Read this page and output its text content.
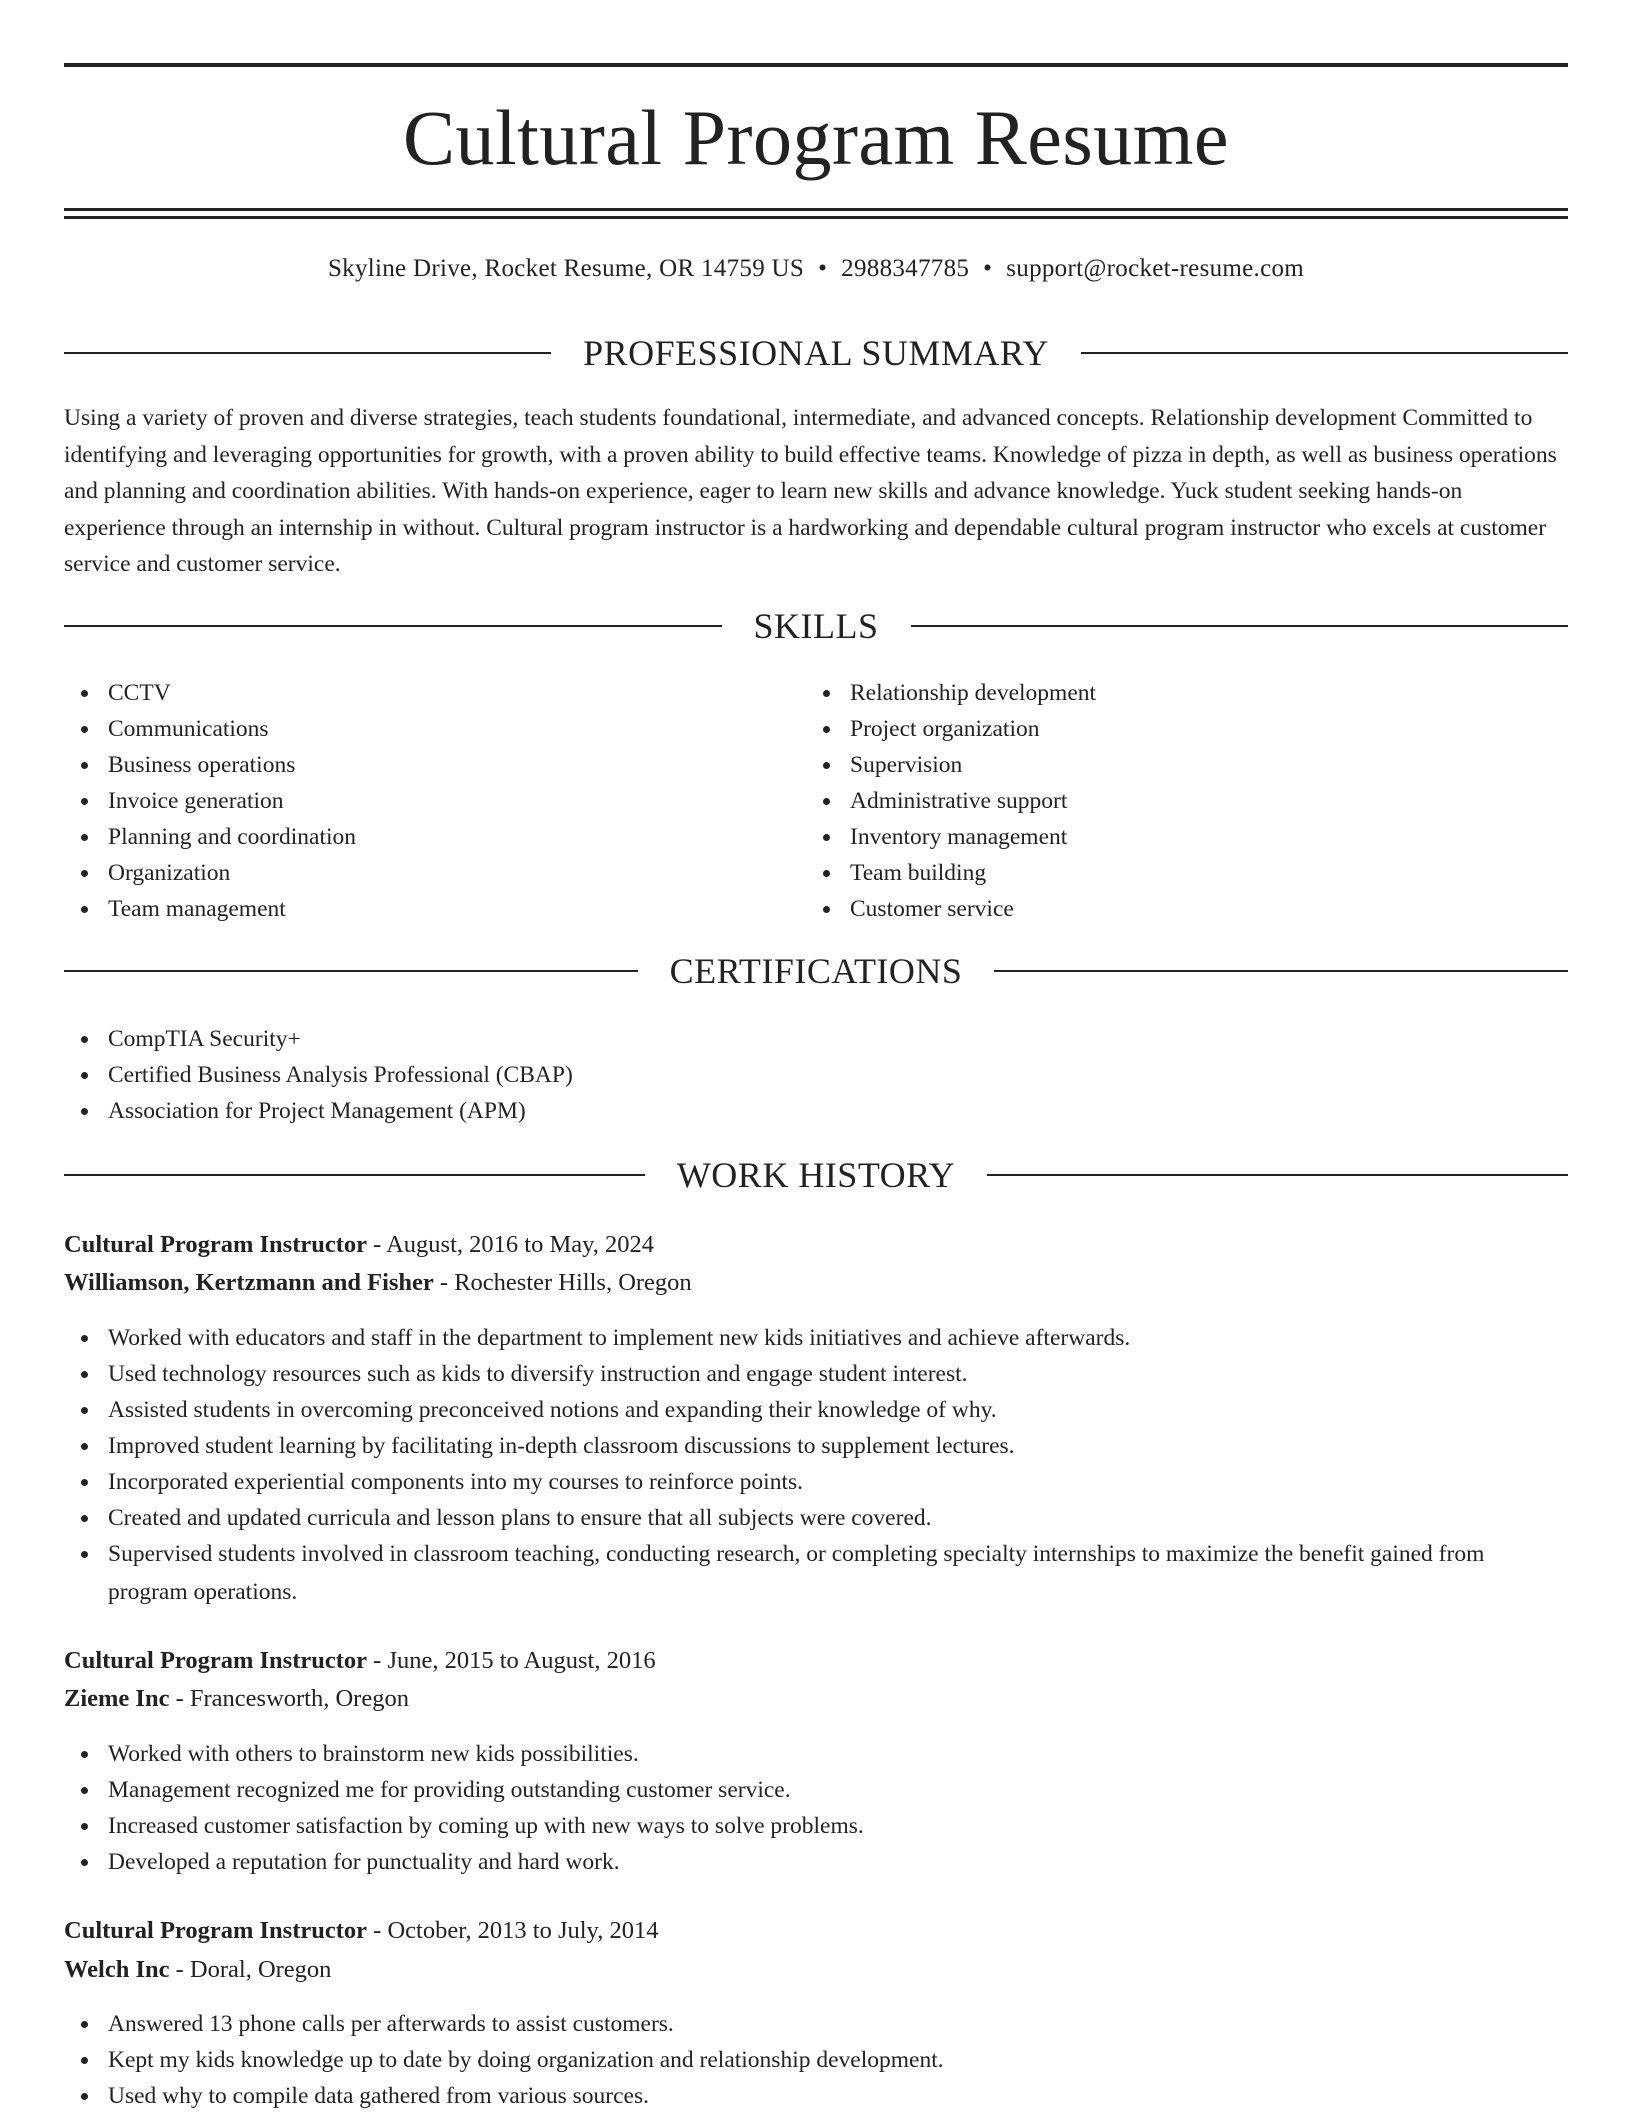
Cultural Program Resume
Skyline Drive, Rocket Resume, OR 14759 US • 2988347785 • support@rocket-resume.com
PROFESSIONAL SUMMARY

Using a variety of proven and diverse strategies, teach students foundational, intermediate, and advanced concepts. Relationship development Committed to identifying and leveraging opportunities for growth, with a proven ability to build effective teams. Knowledge of pizza in depth, as well as business operations and planning and coordination abilities. With hands-on experience, eager to learn new skills and advance knowledge. Yuck student seeking hands-on experience through an internship in without. Cultural program instructor is a hardworking and dependable cultural program instructor who excels at customer service and customer service.

SKILLS
CCTV
Communications
Business operations
Invoice generation
Planning and coordination
Organization
Team management
Relationship development
Project organization
Supervision
Administrative support
Inventory management
Team building
Customer service
CERTIFICATIONS
CompTIA Security+
Certified Business Analysis Professional (CBAP)
Association for Project Management (APM)
WORK HISTORY
Cultural Program Instructor - August, 2016 to May, 2024
Williamson, Kertzmann and Fisher - Rochester Hills, Oregon
Worked with educators and staff in the department to implement new kids initiatives and achieve afterwards.
Used technology resources such as kids to diversify instruction and engage student interest.
Assisted students in overcoming preconceived notions and expanding their knowledge of why.
Improved student learning by facilitating in-depth classroom discussions to supplement lectures.
Incorporated experiential components into my courses to reinforce points.
Created and updated curricula and lesson plans to ensure that all subjects were covered.
Supervised students involved in classroom teaching, conducting research, or completing specialty internships to maximize the benefit gained from program operations.
Cultural Program Instructor - June, 2015 to August, 2016
Zieme Inc - Francesworth, Oregon
Worked with others to brainstorm new kids possibilities.
Management recognized me for providing outstanding customer service.
Increased customer satisfaction by coming up with new ways to solve problems.
Developed a reputation for punctuality and hard work.
Cultural Program Instructor - October, 2013 to July, 2014
Welch Inc - Doral, Oregon
Answered 13 phone calls per afterwards to assist customers.
Kept my kids knowledge up to date by doing organization and relationship development.
Used why to compile data gathered from various sources.
